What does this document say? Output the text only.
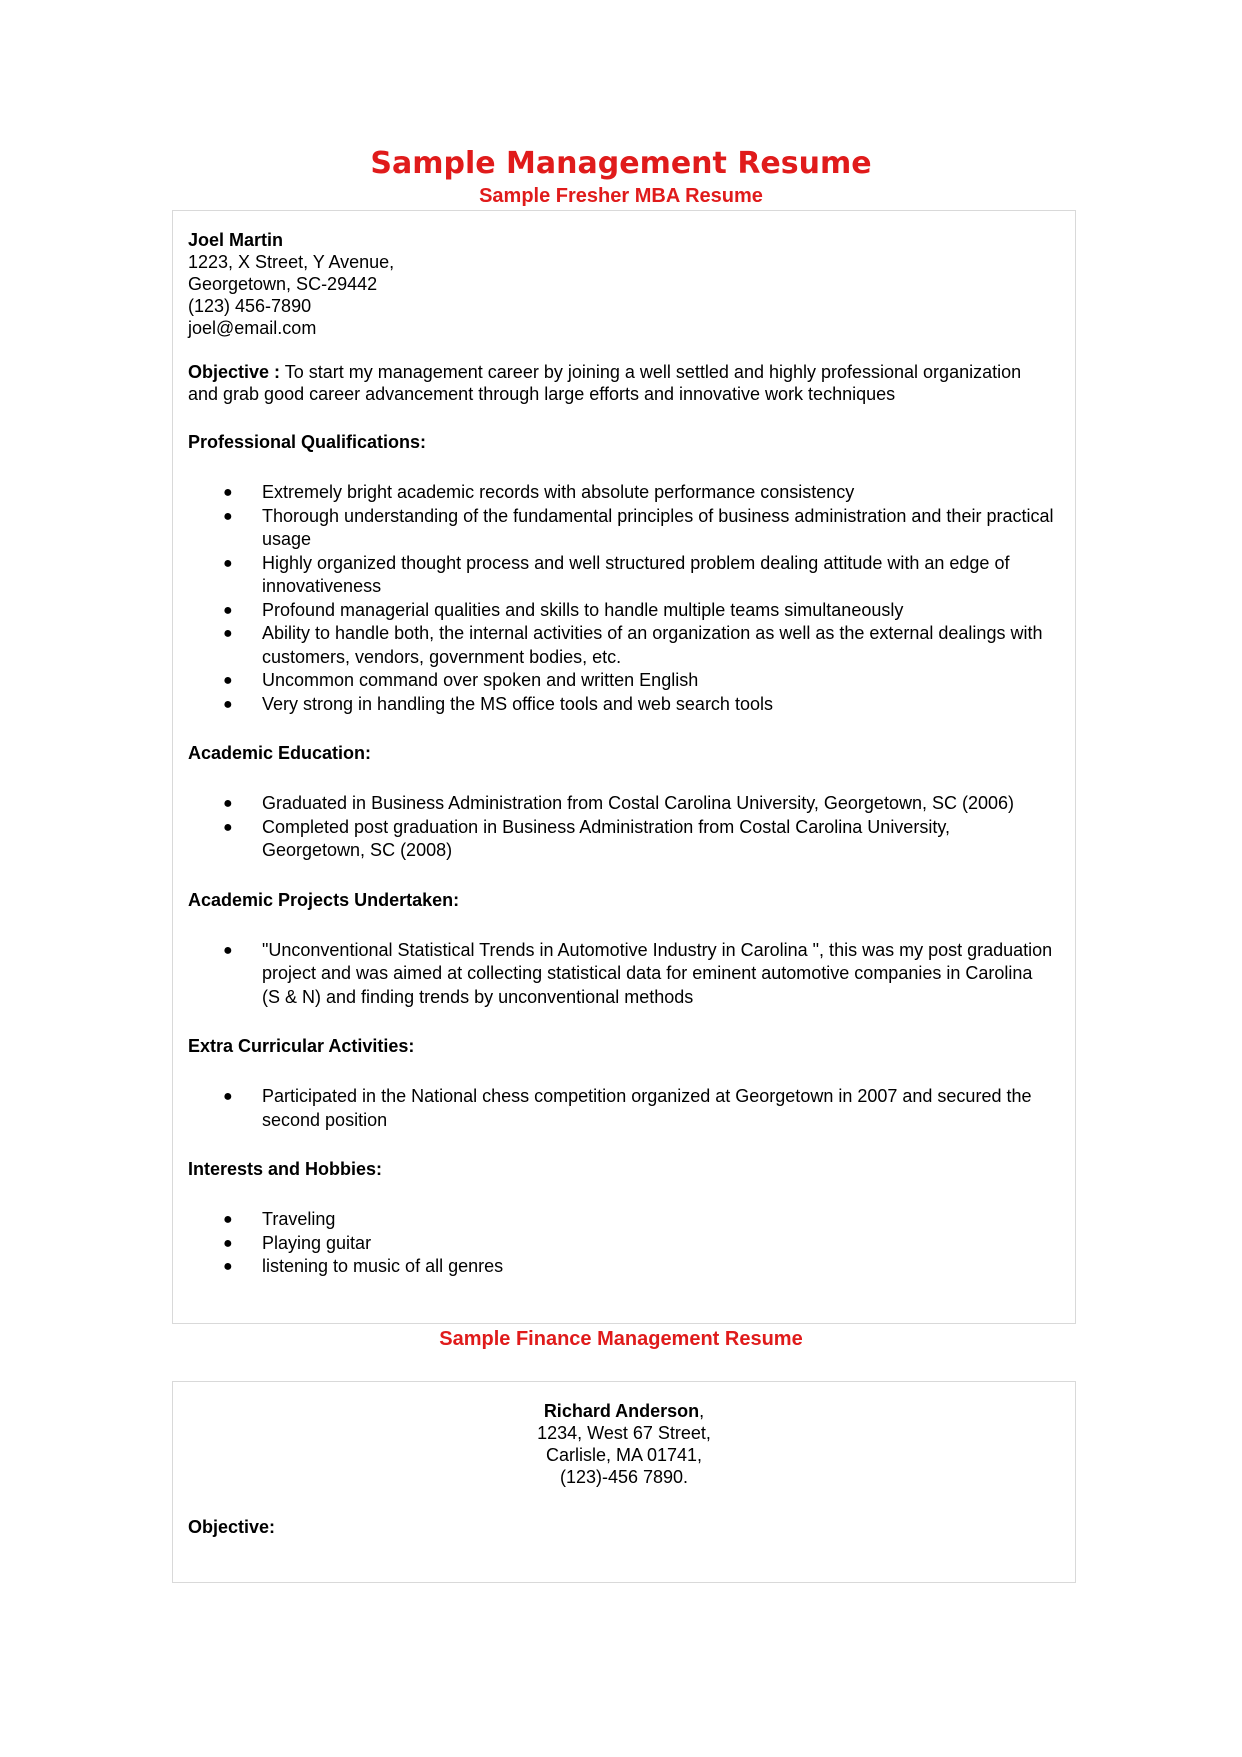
Sample Management Resume
Sample Fresher MBA Resume
Joel Martin
1223, X Street, Y Avenue,
Georgetown, SC-29442
(123) 456-7890
joel@email.com
Objective : To start my management career by joining a well settled and highly professional organization and grab good career advancement through large efforts and innovative work techniques
Professional Qualifications:
● Extremely bright academic records with absolute performance consistency
● Thorough understanding of the fundamental principles of business administration and their practical usage
● Highly organized thought process and well structured problem dealing attitude with an edge of innovativeness
● Profound managerial qualities and skills to handle multiple teams simultaneously
● Ability to handle both, the internal activities of an organization as well as the external dealings with customers, vendors, government bodies, etc.
● Uncommon command over spoken and written English
● Very strong in handling the MS office tools and web search tools
Academic Education:
● Graduated in Business Administration from Costal Carolina University, Georgetown, SC (2006)
● Completed post graduation in Business Administration from Costal Carolina University, Georgetown, SC (2008)
Academic Projects Undertaken:
● "Unconventional Statistical Trends in Automotive Industry in Carolina ", this was my post graduation project and was aimed at collecting statistical data for eminent automotive companies in Carolina (S & N) and finding trends by unconventional methods
Extra Curricular Activities:
● Participated in the National chess competition organized at Georgetown in 2007 and secured the second position
Interests and Hobbies:
● Traveling
● Playing guitar
● listening to music of all genres
Sample Finance Management Resume
Richard Anderson,
1234, West 67 Street,
Carlisle, MA 01741,
(123)-456 7890.
Objective:
